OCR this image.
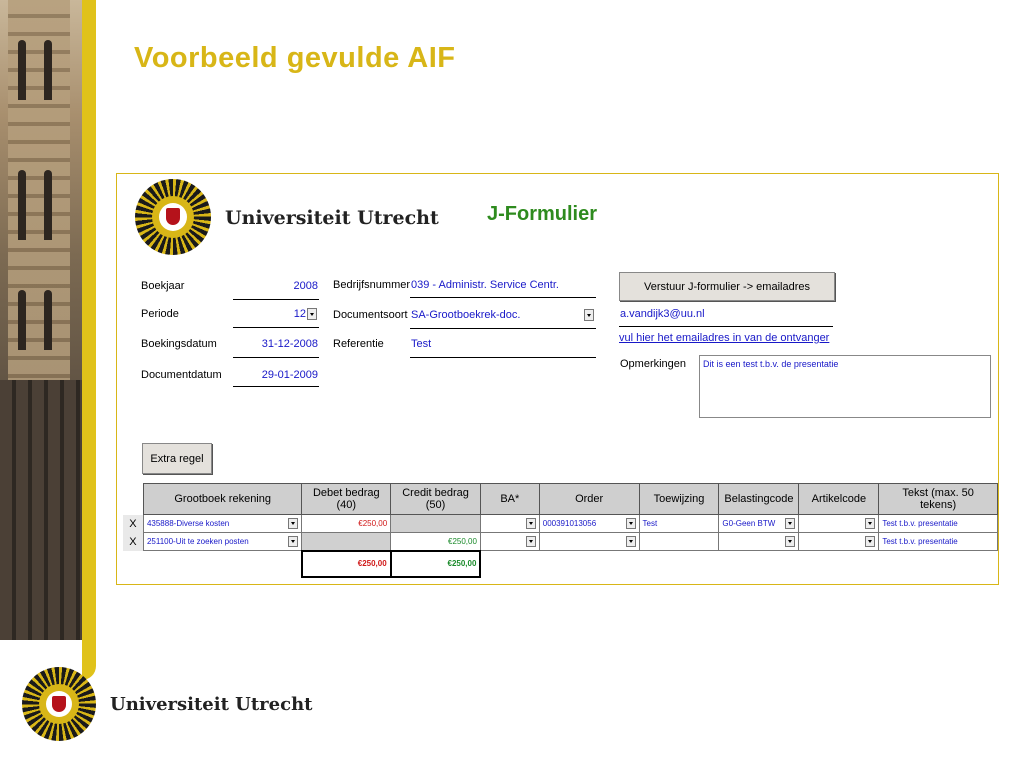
Voorbeeld gevulde AIF
Universiteit Utrecht J-Formulier
Boekjaar	2008
Periode	12
Boekingsdatum	31-12-2008
Documentdatum	29-01-2009
Bedrijfsnummer 039 - Administr. Service Centr.
Documentsoort SA-Grootboekrek-doc.
Referentie Test
Verstuur J-formulier -> emailadres
a.vandijk3@uu.nl
vul hier het emailadres in van de ontvanger
Opmerkingen	Dit is een test t.b.v. de presentatie
Extra regel
	Grootboek rekening	Debet bedrag (40)	Credit bedrag (50)	BA*	Order	Toewijzing	Belastingcode	Artikelcode	Tekst (max. 50 tekens)
X	435888-Diverse kosten	€250,00			000391013056	Test	G0-Geen BTW		Test t.b.v. presentatie
X	251100-Uit te zoeken posten		€250,00						Test t.b.v. presentatie
		€250,00	€250,00						
Universiteit Utrecht
